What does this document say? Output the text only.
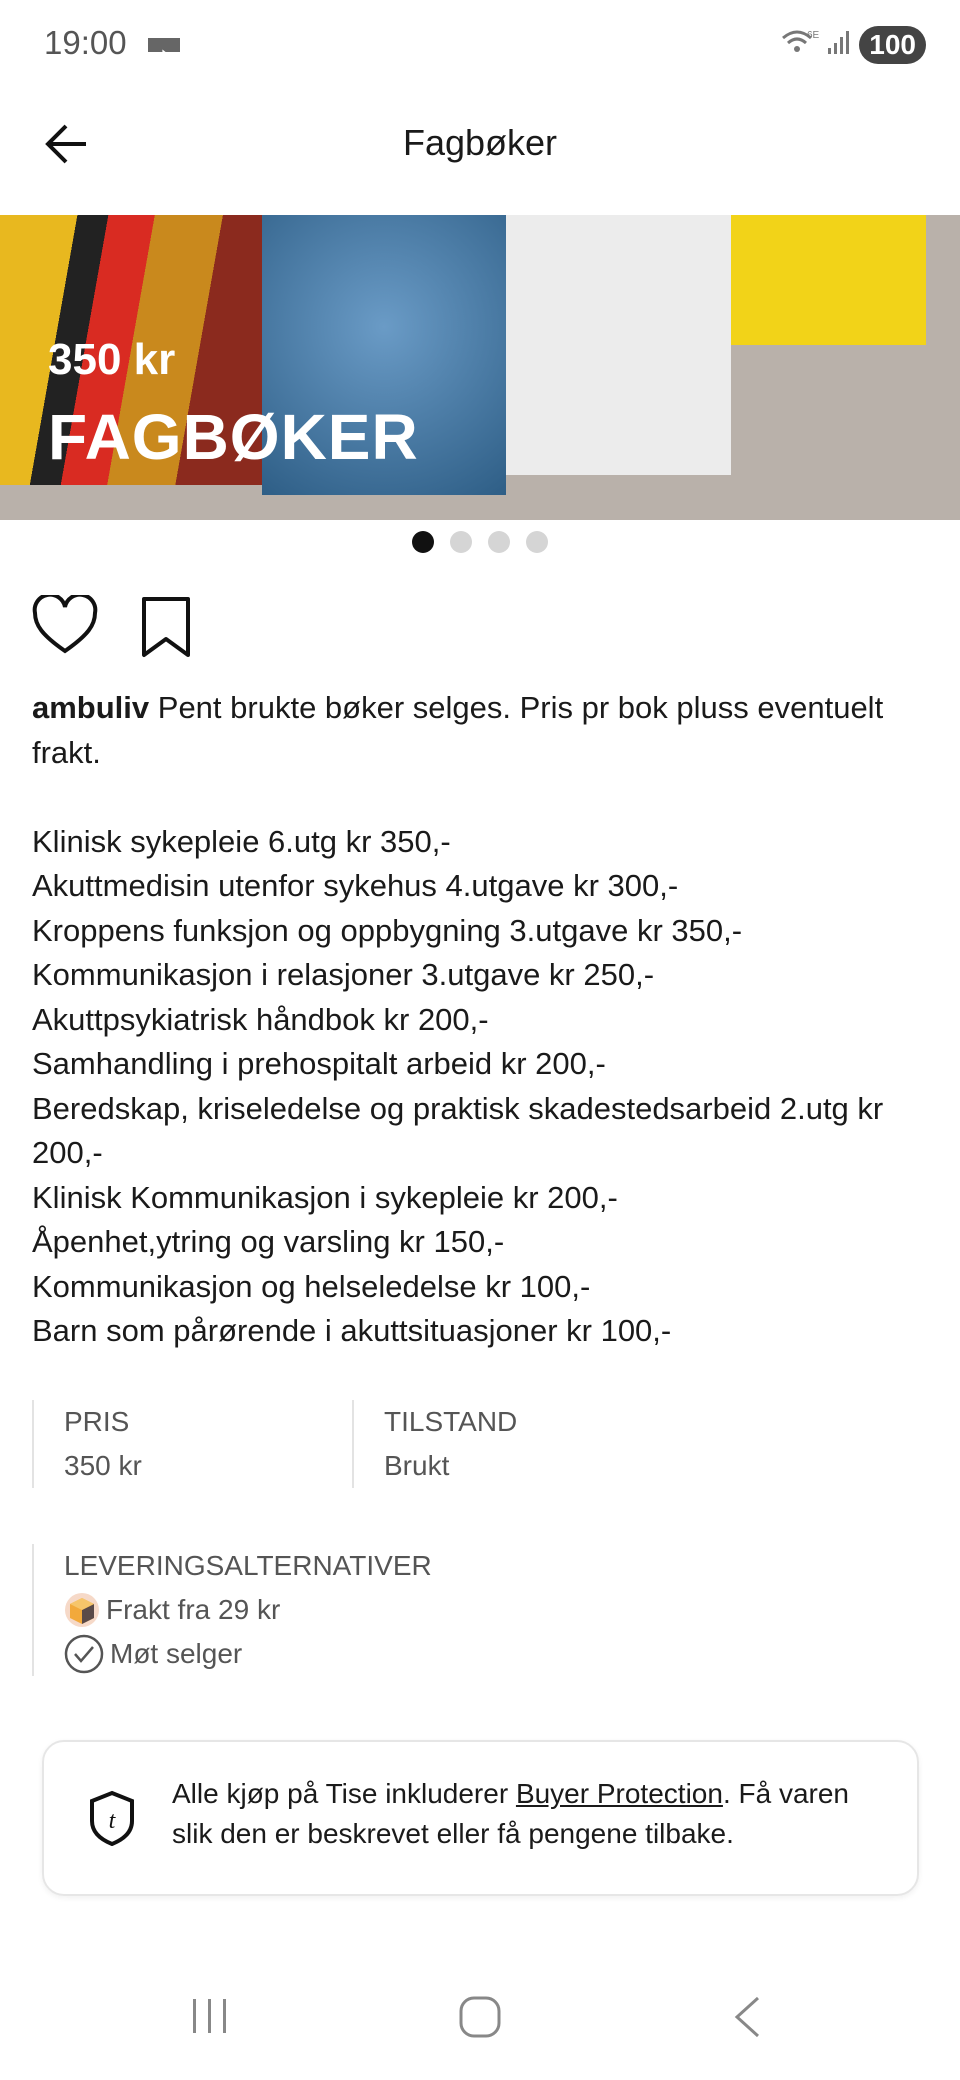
19:00	6E	100
Fagbøker
350 kr
FAGBØKER
ambuliv Pent brukte bøker selges. Pris pr bok pluss eventuelt frakt.

Klinisk sykepleie 6.utg kr 350,-
Akuttmedisin utenfor sykehus 4.utgave kr 300,-
Kroppens funksjon og oppbygning 3.utgave kr 350,-
Kommunikasjon i relasjoner 3.utgave kr 250,-
Akuttpsykiatrisk håndbok kr 200,-
Samhandling i prehospitalt arbeid kr 200,-
Beredskap, kriseledelse og praktisk skadestedsarbeid 2.utg kr 200,-
Klinisk Kommunikasjon i sykepleie kr 200,-
Åpenhet,ytring og varsling kr 150,-
Kommunikasjon og helseledelse kr 100,-
Barn som pårørende i akuttsituasjoner kr 100,-

PRIS
350 kr
TILSTAND
Brukt
LEVERINGSALTERNATIVER
Frakt fra 29 kr
Møt selger
t
Alle kjøp på Tise inkluderer Buyer Protection. Få varen slik den er beskrevet eller få pengene tilbake.
